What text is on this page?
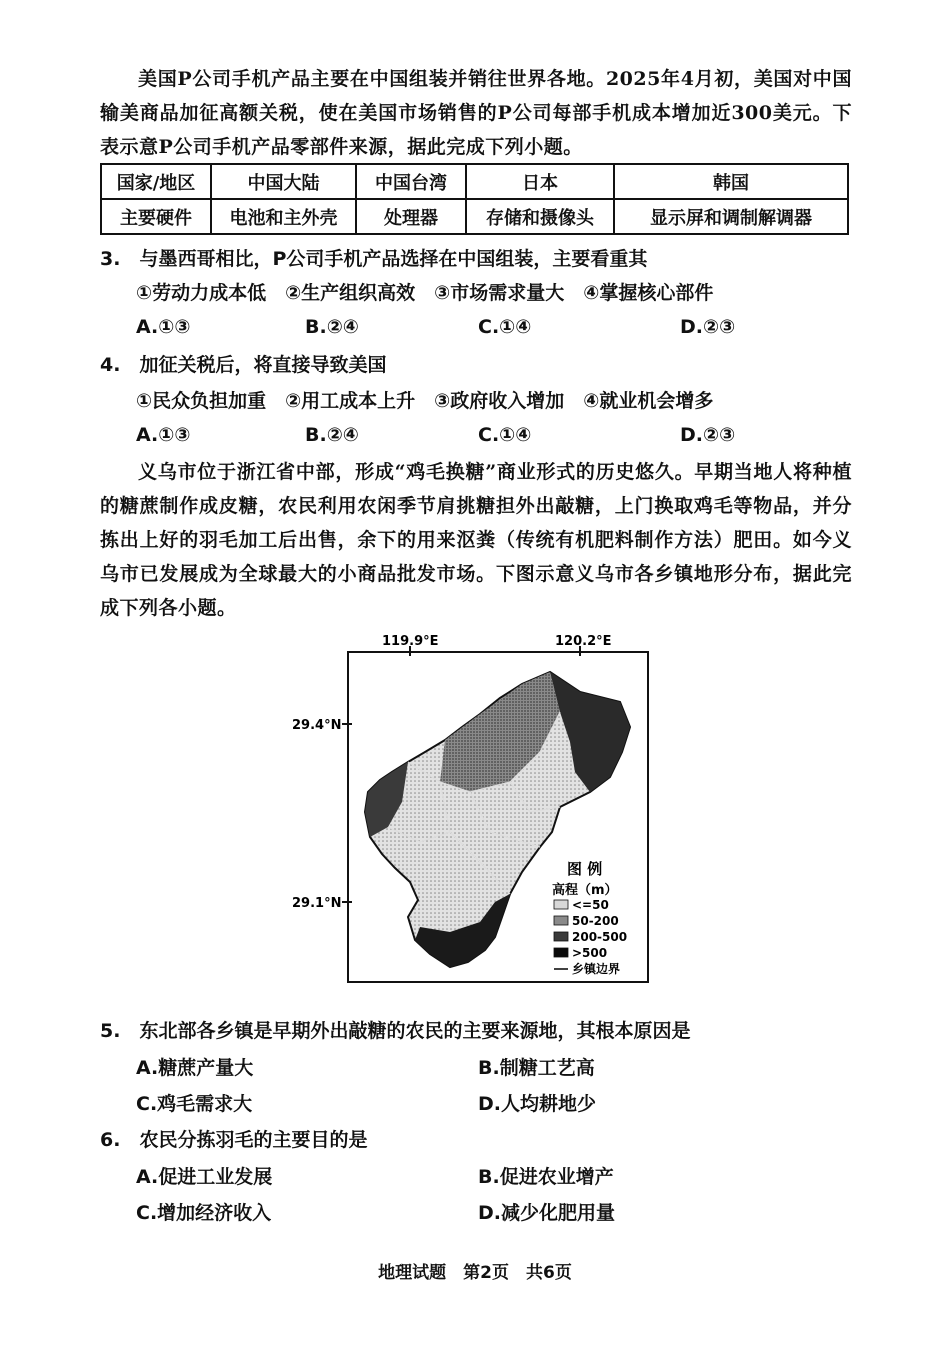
美国P公司手机产品主要在中国组装并销往世界各地。2025年4月初，美国对中国输美商品加征高额关税，使在美国市场销售的P公司每部手机成本增加近300美元。下表示意P公司手机产品零部件来源，据此完成下列小题。
国家/地区	中国大陆	中国台湾	日本	韩国
主要硬件	电池和主外壳	处理器	存储和摄像头	显示屏和调制解调器
3.　与墨西哥相比，P公司手机产品选择在中国组装，主要看重其
①劳动力成本低　②生产组织高效　③市场需求量大　④掌握核心部件
A.①③	B.②④	C.①④	D.②③
4.　加征关税后，将直接导致美国
①民众负担加重　②用工成本上升　③政府收入增加　④就业机会增多
A.①③	B.②④	C.①④	D.②③
义乌市位于浙江省中部，形成“鸡毛换糖”商业形式的历史悠久。早期当地人将种植的糖蔗制作成皮糖，农民利用农闲季节肩挑糖担外出敲糖，上门换取鸡毛等物品，并分拣出上好的羽毛加工后出售，余下的用来沤粪（传统有机肥料制作方法）肥田。如今义乌市已发展成为全球最大的小商品批发市场。下图示意义乌市各乡镇地形分布，据此完成下列各小题。
119.9°E	120.2°E
29.4°N
29.1°N
图 例
高程（m）
<=50
50-200
200-500
>500
乡镇边界
5.　东北部各乡镇是早期外出敲糖的农民的主要来源地，其根本原因是
A.糖蔗产量大	B.制糖工艺高
C.鸡毛需求大	D.人均耕地少
6.　农民分拣羽毛的主要目的是
A.促进工业发展	B.促进农业增产
C.增加经济收入	D.减少化肥用量
地理试题　第2页　共6页
